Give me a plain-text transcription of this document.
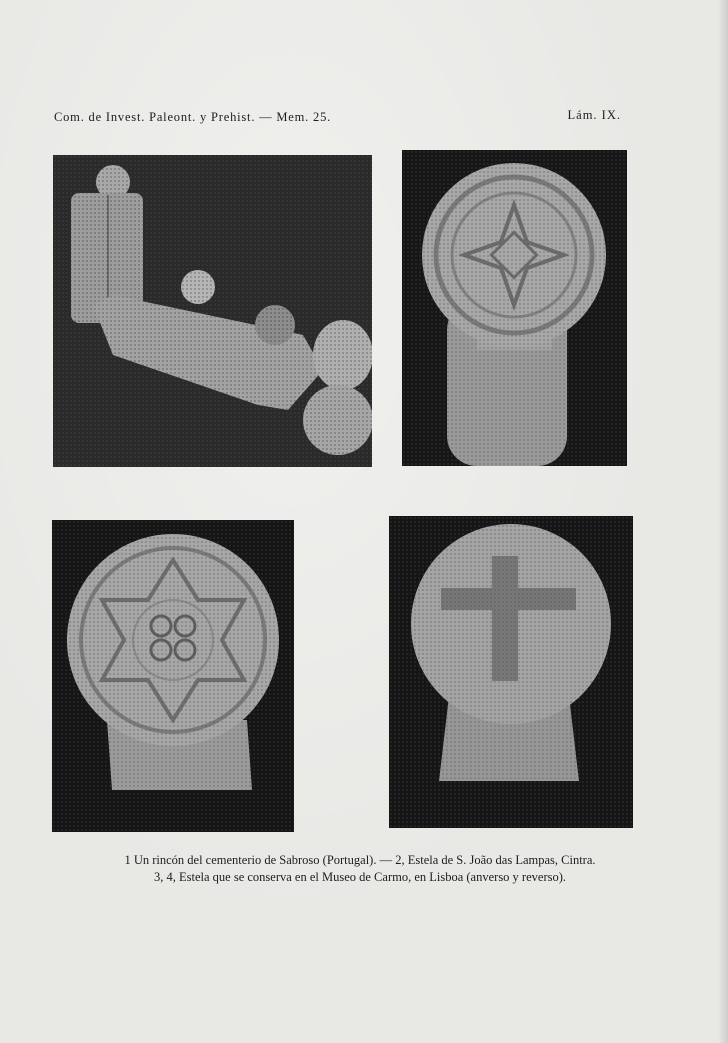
Com. de Invest. Paleont. y Prehist. — Mem. 25.	Lám. IX.
1 Un rincón del cementerio de Sabroso (Portugal). — 2, Estela de S. João das Lampas, Cintra.
3, 4, Estela que se conserva en el Museo de Carmo, en Lisboa (anverso y reverso).
